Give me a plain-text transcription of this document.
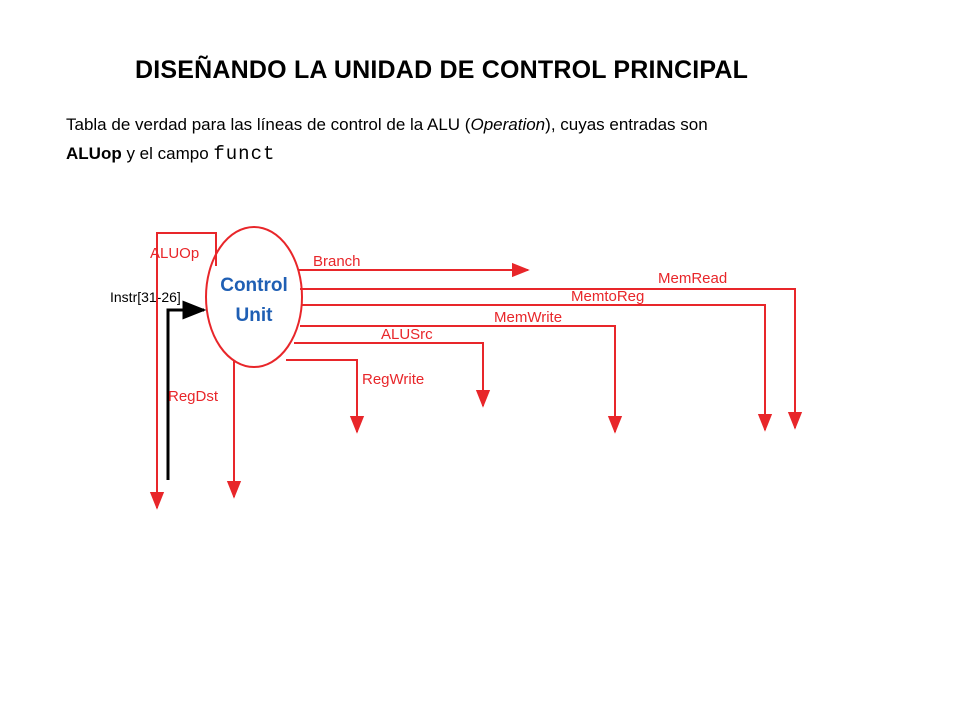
DISEÑANDO LA UNIDAD DE CONTROL PRINCIPAL
Tabla de verdad para las líneas de control de la ALU (Operation), cuyas entradas son
ALUop y el campo funct
Control
Unit
Instr[31-26]
ALUOp	Branch
MemRead
MemtoReg
MemWrite
ALUSrc
RegWrite
RegDst
